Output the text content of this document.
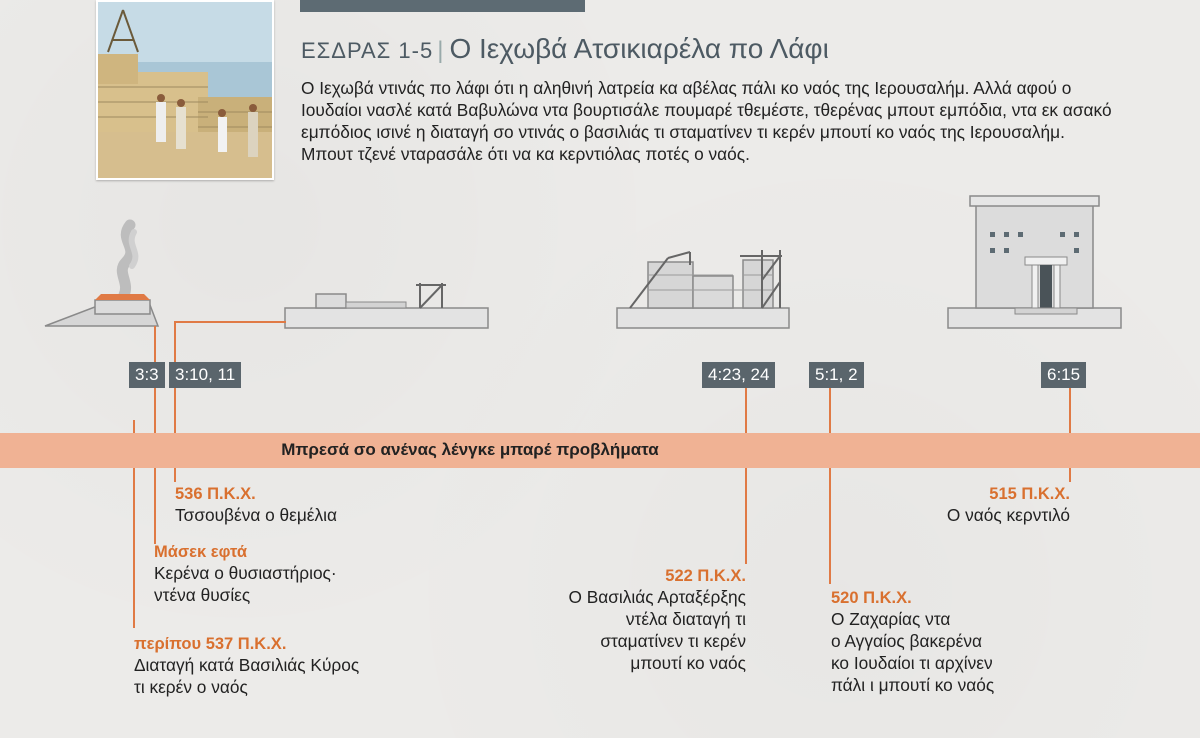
ΕΣΔΡΑΣ 1-5 | Ο Ιεχωβά Ατσικιαρέλα πο Λάφι
Ο Ιεχωβά ντινάς πο λάφι ότι η αληθινή λατρεία κα αβέλας πάλι κο ναός της Ιερουσαλήμ. Αλλά αφού ο Ιουδαίοι νασλέ κατά Βαβυλώνα ντα βουρτισάλε πουμαρέ τθεμέστε, τθερένας μπουτ εμπόδια, ντα εκ ασακό εμπόδιος ισινέ η διαταγή σο ντινάς ο βασιλιάς τι σταματίνεν τι κερέν μπουτί κο ναός της Ιερουσαλήμ. Μπουτ τζενέ νταρασάλε ότι να κα κερντιόλας ποτές ο ναός.
Μπρεσά σο ανένας λένγκε μπαρέ προβλήματα
3:3 3:10, 11	4:23, 24	5:1, 2	6:15
536 Π.Κ.Χ.
Τσσουβένα ο θεμέλια
Μάσεκ εφτά
Κερένα ο θυσιαστήριος·
ντένα θυσίες
περίπου 537 Π.Κ.Χ.
Διαταγή κατά Βασιλιάς Κύρος
τι κερέν ο ναός
522 Π.Κ.Χ.
Ο Βασιλιάς Αρταξέρξης
ντέλα διαταγή τι
σταματίνεν τι κερέν
μπουτί κο ναός
520 Π.Κ.Χ.
Ο Ζαχαρίας ντα
ο Αγγαίος βακερένα
κο Ιουδαίοι τι αρχίνεν
πάλι ι μπουτί κο ναός
515 Π.Κ.Χ.
Ο ναός κερντιλό
